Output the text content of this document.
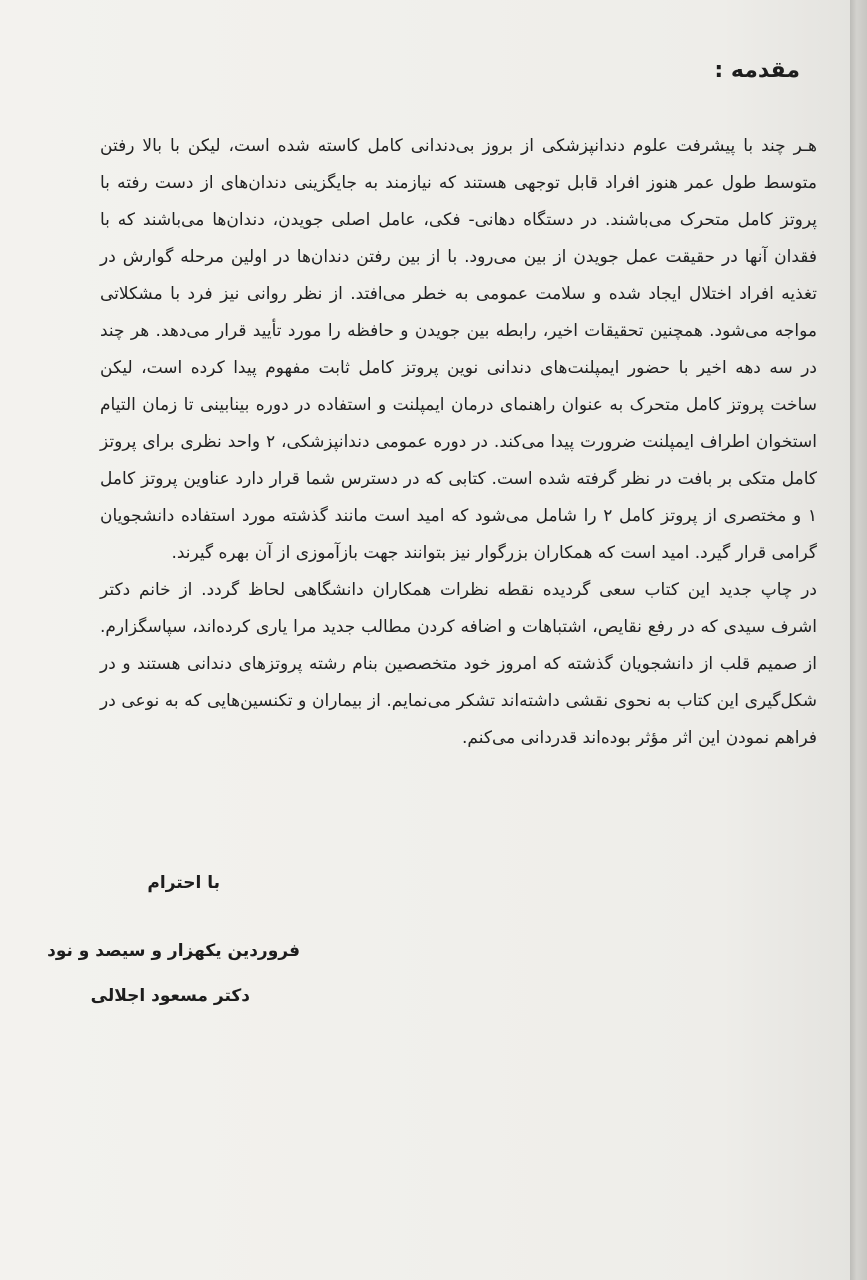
مقدمه :

هـر چند با پیشرفت علوم دندانپزشکی از بروز بی‌دندانی کامل کاسته شده است، لیکن با بالا رفتن متوسط طول عمر هنوز افراد قابل توجهی هستند که نیازمند به جایگزینی دندان‌های از دست رفته با پروتز کامل متحرک می‌باشند. در دستگاه دهانی- فکی، عامل اصلی جویدن، دندان‌ها می‌باشند که با فقدان آنها در حقیقت عمل جویدن از بین می‌رود. با از بین رفتن دندان‌ها در اولین مرحله گوارش در تغذیه افراد اختلال ایجاد شده و سلامت عمومی به خطر می‌افتد. از نظر روانی نیز فرد با مشکلاتی مواجه می‌شود. همچنین تحقیقات اخیر، رابطه بین جویدن و حافظه را مورد تأیید قرار می‌دهد. هر چند در سه دهه اخیر با حضور ایمپلنت‌های دندانی نوین پروتز کامل ثابت مفهوم پیدا کرده است، لیکن ساخت پروتز کامل متحرک به عنوان راهنمای درمان ایمپلنت و استفاده در دوره بینابینی تا زمان التیام استخوان اطراف ایمپلنت ضرورت پیدا می‌کند. در دوره عمومی دندانپزشکی، ۲ واحد نظری برای پروتز کامل متکی بر بافت در نظر گرفته شده است. کتابی که در دسترس شما قرار دارد عناوین پروتز کامل ۱ و مختصری از پروتز کامل ۲ را شامل می‌شود که امید است مانند گذشته مورد استفاده دانشجویان گرامی قرار گیرد. امید است که همکاران بزرگوار نیز بتوانند جهت بازآموزی از آن بهره گیرند.

در چاپ جدید این کتاب سعی گردیده نقطه نظرات همکاران دانشگاهی لحاظ گردد. از خانم دکتر اشرف سیدی که در رفع نقایص، اشتباهات و اضافه کردن مطالب جدید مرا یاری کرده‌اند، سپاسگزارم. از صمیم قلب از دانشجویان گذشته که امروز خود متخصصین بنام رشته پروتزهای دندانی هستند و در شکل‌گیری این کتاب به نحوی نقشی داشته‌اند تشکر می‌نمایم. از بیماران و تکنسین‌هایی که به نوعی در فراهم نمودن این اثر مؤثر بوده‌اند قدردانی می‌کنم.

با احترام
فروردین یکهزار و سیصد و نود
دکتر مسعود اجلالی
